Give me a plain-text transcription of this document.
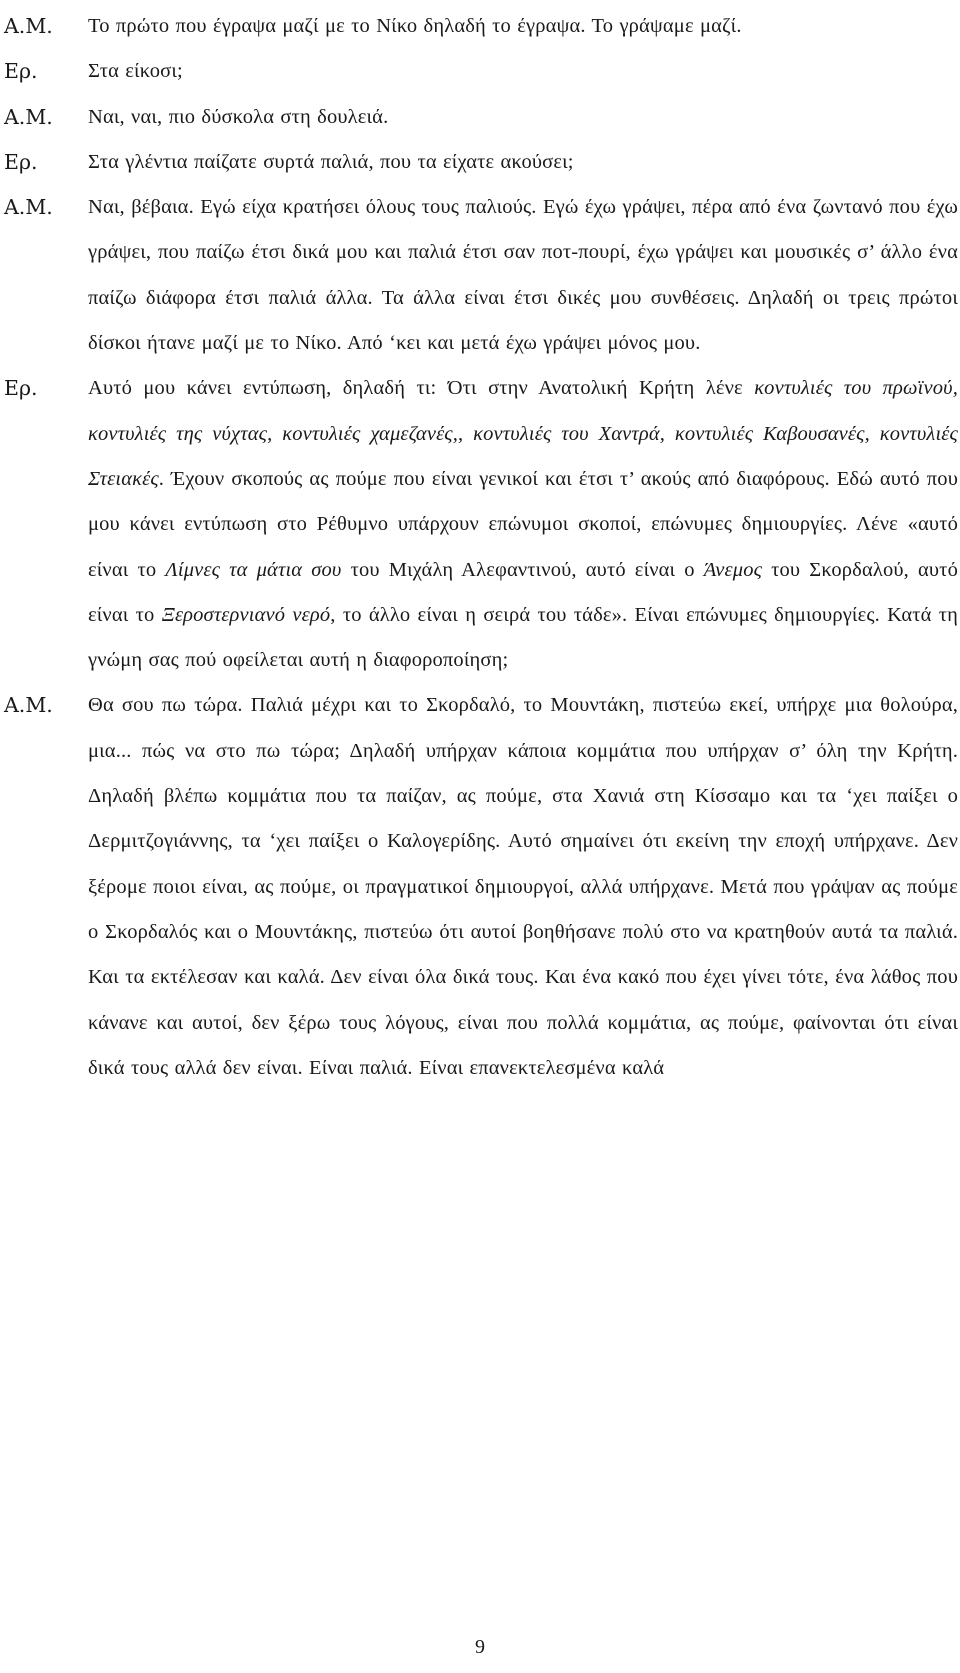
Α.Μ.	Το πρώτο που έγραψα μαζί με το Νίκο δηλαδή το έγραψα. Το γράψαμε μαζί.
Ερ.	Στα είκοσι;
Α.Μ.	Ναι, ναι, πιο δύσκολα στη δουλειά.
Ερ.	Στα γλέντια παίζατε συρτά παλιά, που τα είχατε ακούσει;
Α.Μ.	Ναι, βέβαια. Εγώ είχα κρατήσει όλους τους παλιούς. Εγώ έχω γράψει, πέρα από ένα ζωντανό που έχω γράψει, που παίζω έτσι δικά μου και παλιά έτσι σαν ποτ-πουρί, έχω γράψει και μουσικές σ’ άλλο ένα παίζω διάφορα έτσι παλιά άλλα. Τα άλλα είναι έτσι δικές μου συνθέσεις. Δηλαδή οι τρεις πρώτοι δίσκοι ήτανε μαζί με το Νίκο. Από ‘κει και μετά έχω γράψει μόνος μου.
Ερ.	Αυτό μου κάνει εντύπωση, δηλαδή τι: Ότι στην Ανατολική Κρήτη λένε κοντυλιές του πρωϊνού, κοντυλιές της νύχτας, κοντυλιές χαμεζανές,, κοντυλιές του Χαντρά, κοντυλιές Καβουσανές, κοντυλιές Στειακές. Έχουν σκοπούς ας πούμε που είναι γενικοί και έτσι τ’ ακούς από διαφόρους. Εδώ αυτό που μου κάνει εντύπωση στο Ρέθυμνο υπάρχουν επώνυμοι σκοποί, επώνυμες δημιουργίες. Λένε «αυτό είναι το Λίμνες τα μάτια σου του Μιχάλη Αλεφαντινού, αυτό είναι ο Άνεμος του Σκορδαλού, αυτό είναι το Ξεροστερνιανό νερό, το άλλο είναι η σειρά του τάδε». Είναι επώνυμες δημιουργίες. Κατά τη γνώμη σας πού οφείλεται αυτή η διαφοροποίηση;
Α.Μ.	Θα σου πω τώρα. Παλιά μέχρι και το Σκορδαλό, το Μουντάκη, πιστεύω εκεί, υπήρχε μια θολούρα, μια... πώς να στο πω τώρα; Δηλαδή υπήρχαν κάποια κομμάτια που υπήρχαν σ’ όλη την Κρήτη. Δηλαδή βλέπω κομμάτια που τα παίζαν, ας πούμε, στα Χανιά στη Κίσσαμο και τα ‘χει παίξει ο Δερμιτζογιάννης, τα ‘χει παίξει ο Καλογερίδης. Αυτό σημαίνει ότι εκείνη την εποχή υπήρχανε. Δεν ξέρομε ποιοι είναι, ας πούμε, οι πραγματικοί δημιουργοί, αλλά υπήρχανε. Μετά που γράψαν ας πούμε ο Σκορδαλός και ο Μουντάκης, πιστεύω ότι αυτοί βοηθήσανε πολύ στο να κρατηθούν αυτά τα παλιά. Και τα εκτέλεσαν και καλά. Δεν είναι όλα δικά τους. Και ένα κακό που έχει γίνει τότε, ένα λάθος που κάνανε και αυτοί, δεν ξέρω τους λόγους, είναι που πολλά κομμάτια, ας πούμε, φαίνονται ότι είναι δικά τους αλλά δεν είναι. Είναι παλιά. Είναι επανεκτελεσμένα καλά
9
